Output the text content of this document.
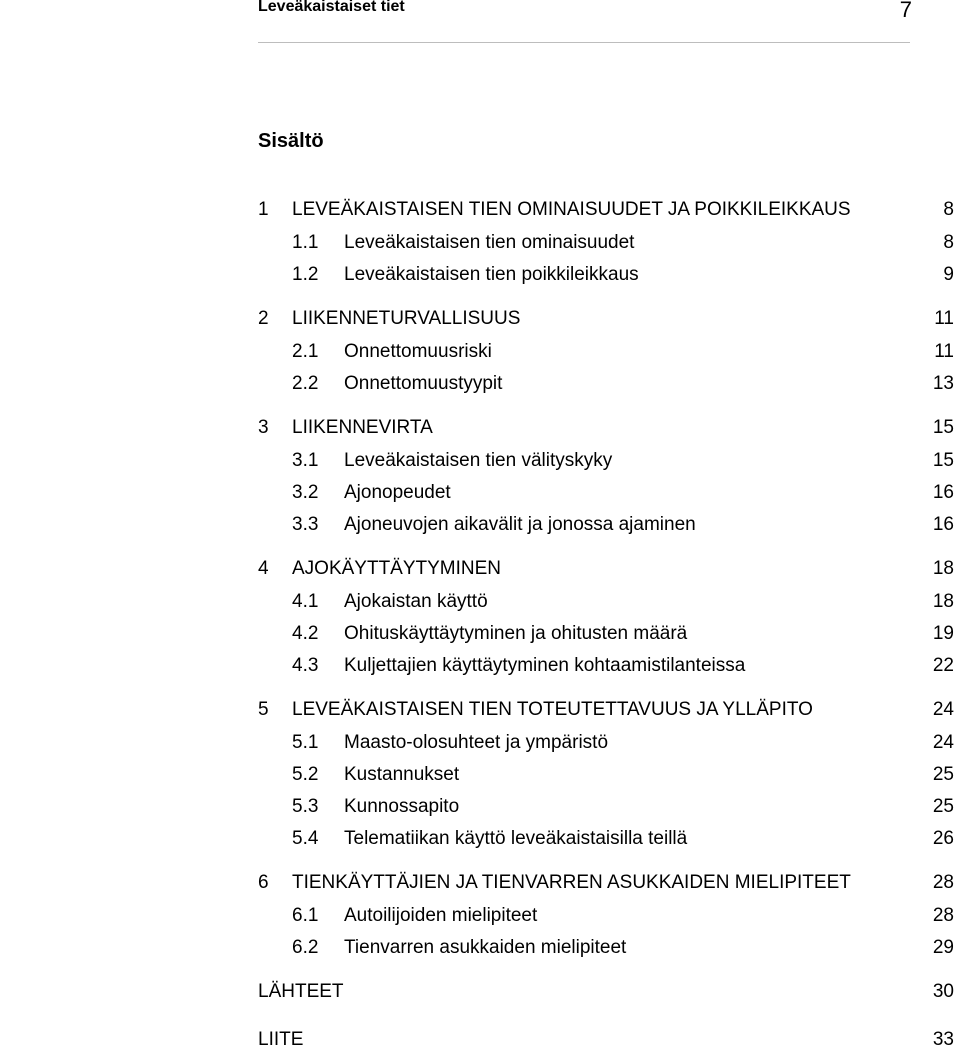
Leveäkaistaiset tiet	7
Sisältö
1 LEVEÄKAISTAISEN TIEN OMINAISUUDET JA POIKKILEIKKAUS	8
1.1 Leveäkaistaisen tien ominaisuudet	8
1.2 Leveäkaistaisen tien poikkileikkaus	9
2 LIIKENNETURVALLISUUS	11
2.1 Onnettomuusriski	11
2.2 Onnettomuustyypit	13
3 LIIKENNEVIRTA	15
3.1 Leveäkaistaisen tien välityskyky	15
3.2 Ajonopeudet	16
3.3 Ajoneuvojen aikavälit ja jonossa ajaminen	16
4 AJOKÄYTTÄYTYMINEN	18
4.1 Ajokaistan käyttö	18
4.2 Ohituskäyttäytyminen ja ohitusten määrä	19
4.3 Kuljettajien käyttäytyminen kohtaamistilanteissa	22
5 LEVEÄKAISTAISEN TIEN TOTEUTETTAVUUS JA YLLÄPITO	24
5.1 Maasto-olosuhteet ja ympäristö	24
5.2 Kustannukset	25
5.3 Kunnossapito	25
5.4 Telematiikan käyttö leveäkaistaisilla teillä	26
6 TIENKÄYTTÄJIEN JA TIENVARREN ASUKKAIDEN MIELIPITEET	28
6.1 Autoilijoiden mielipiteet	28
6.2 Tienvarren asukkaiden mielipiteet	29
LÄHTEET	30
LIITE	33
